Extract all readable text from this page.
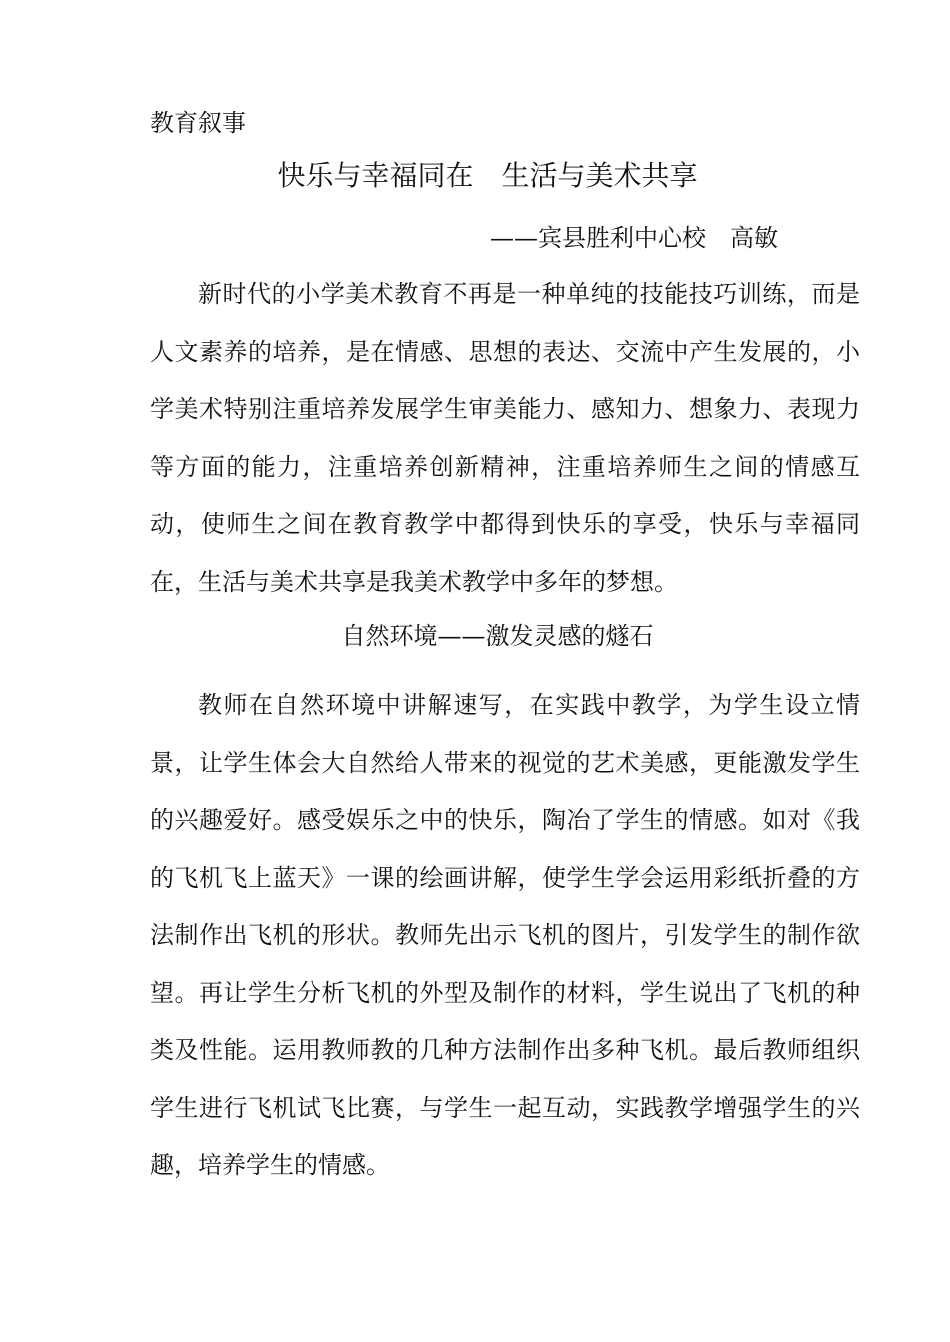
教育叙事
快乐与幸福同在　生活与美术共享
——宾县胜利中心校　高敏

新时代的小学美术教育不再是一种单纯的技能技巧训练，而是人文素养的培养，是在情感、思想的表达、交流中产生发展的，小学美术特别注重培养发展学生审美能力、感知力、想象力、表现力等方面的能力，注重培养创新精神，注重培养师生之间的情感互动，使师生之间在教育教学中都得到快乐的享受，快乐与幸福同在，生活与美术共享是我美术教学中多年的梦想。

自然环境——激发灵感的燧石

教师在自然环境中讲解速写，在实践中教学，为学生设立情景，让学生体会大自然给人带来的视觉的艺术美感，更能激发学生的兴趣爱好。感受娱乐之中的快乐，陶冶了学生的情感。如对《我的飞机飞上蓝天》一课的绘画讲解，使学生学会运用彩纸折叠的方法制作出飞机的形状。教师先出示飞机的图片，引发学生的制作欲望。再让学生分析飞机的外型及制作的材料，学生说出了飞机的种类及性能。运用教师教的几种方法制作出多种飞机。最后教师组织学生进行飞机试飞比赛，与学生一起互动，实践教学增强学生的兴趣，培养学生的情感。
